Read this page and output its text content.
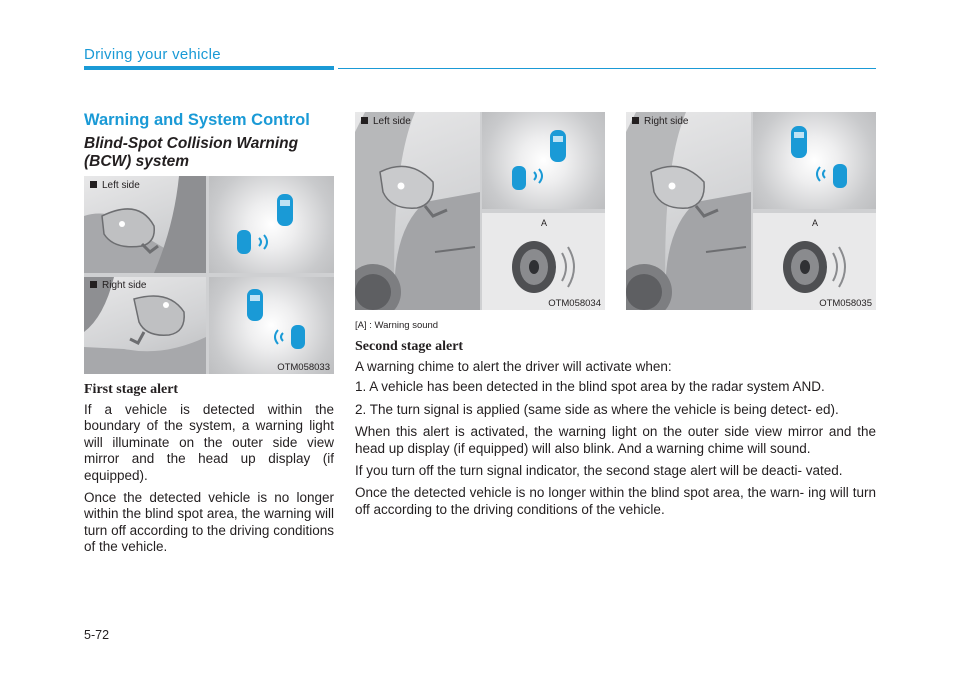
Driving your vehicle
Warning and System Control
Blind-Spot Collision Warning (BCW) system
Left side
Right side
OTM058033
First stage alert

If a vehicle is detected within the boundary of the system, a warning light will illuminate on the outer side view mirror and the head up display (if equipped).

Once the detected vehicle is no longer within the blind spot area, the warning will turn off according to the driving conditions of the vehicle.

Left side
A
OTM058034
Right side
A
OTM058035
[A] : Warning sound
Second stage alert

A warning chime to alert the driver will activate when:

1. A vehicle has been detected in the blind spot area by the radar system AND.

2. The turn signal is applied (same side as where the vehicle is being detect- ed).

When this alert is activated, the warning light on the outer side view mirror and the head up display (if equipped) will also blink. And a warning chime will sound.

If you turn off the turn signal indicator, the second stage alert will be deacti- vated.

Once the detected vehicle is no longer within the blind spot area, the warn- ing will turn off according to the driving conditions of the vehicle.

5-72
